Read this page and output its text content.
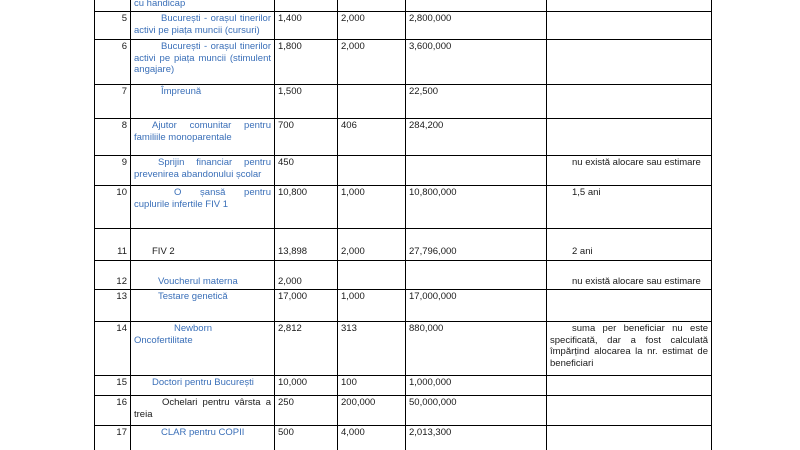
	cu handicap				
5	București - orașul tinerilor activi pe piața muncii (cursuri)	1,400	2,000	2,800,000	
6	București - orașul tinerilor activi pe piața muncii (stimulent angajare)	1,800	2,000	3,600,000	
7	Împreună	1,500		22,500	
8	Ajutor comunitar pentru familiile monoparentale	700	406	284,200	
9	Sprijin financiar pentru prevenirea abandonului școlar	450			nu există alocare sau estimare

10	O șansă pentru cuplurile infertile FIV 1	10,800	1,000	10,800,000	1,5 ani

11	FIV 2	13,898	2,000	27,796,000	2 ani

12	Voucherul materna	2,000			nu există alocare sau estimare

13	Testare genetică	17,000	1,000	17,000,000	
14	Newborn Oncofertilitate	2,812	313	880,000	suma per beneficiar nu este specificată, dar a fost calculată împărțind alocarea la nr. estimat de beneficiari

15	Doctori pentru București	10,000	100	1,000,000	
16	Ochelari pentru vârsta a treia	250	200,000	50,000,000	
17	CLAR pentru COPII	500	4,000	2,013,300	
